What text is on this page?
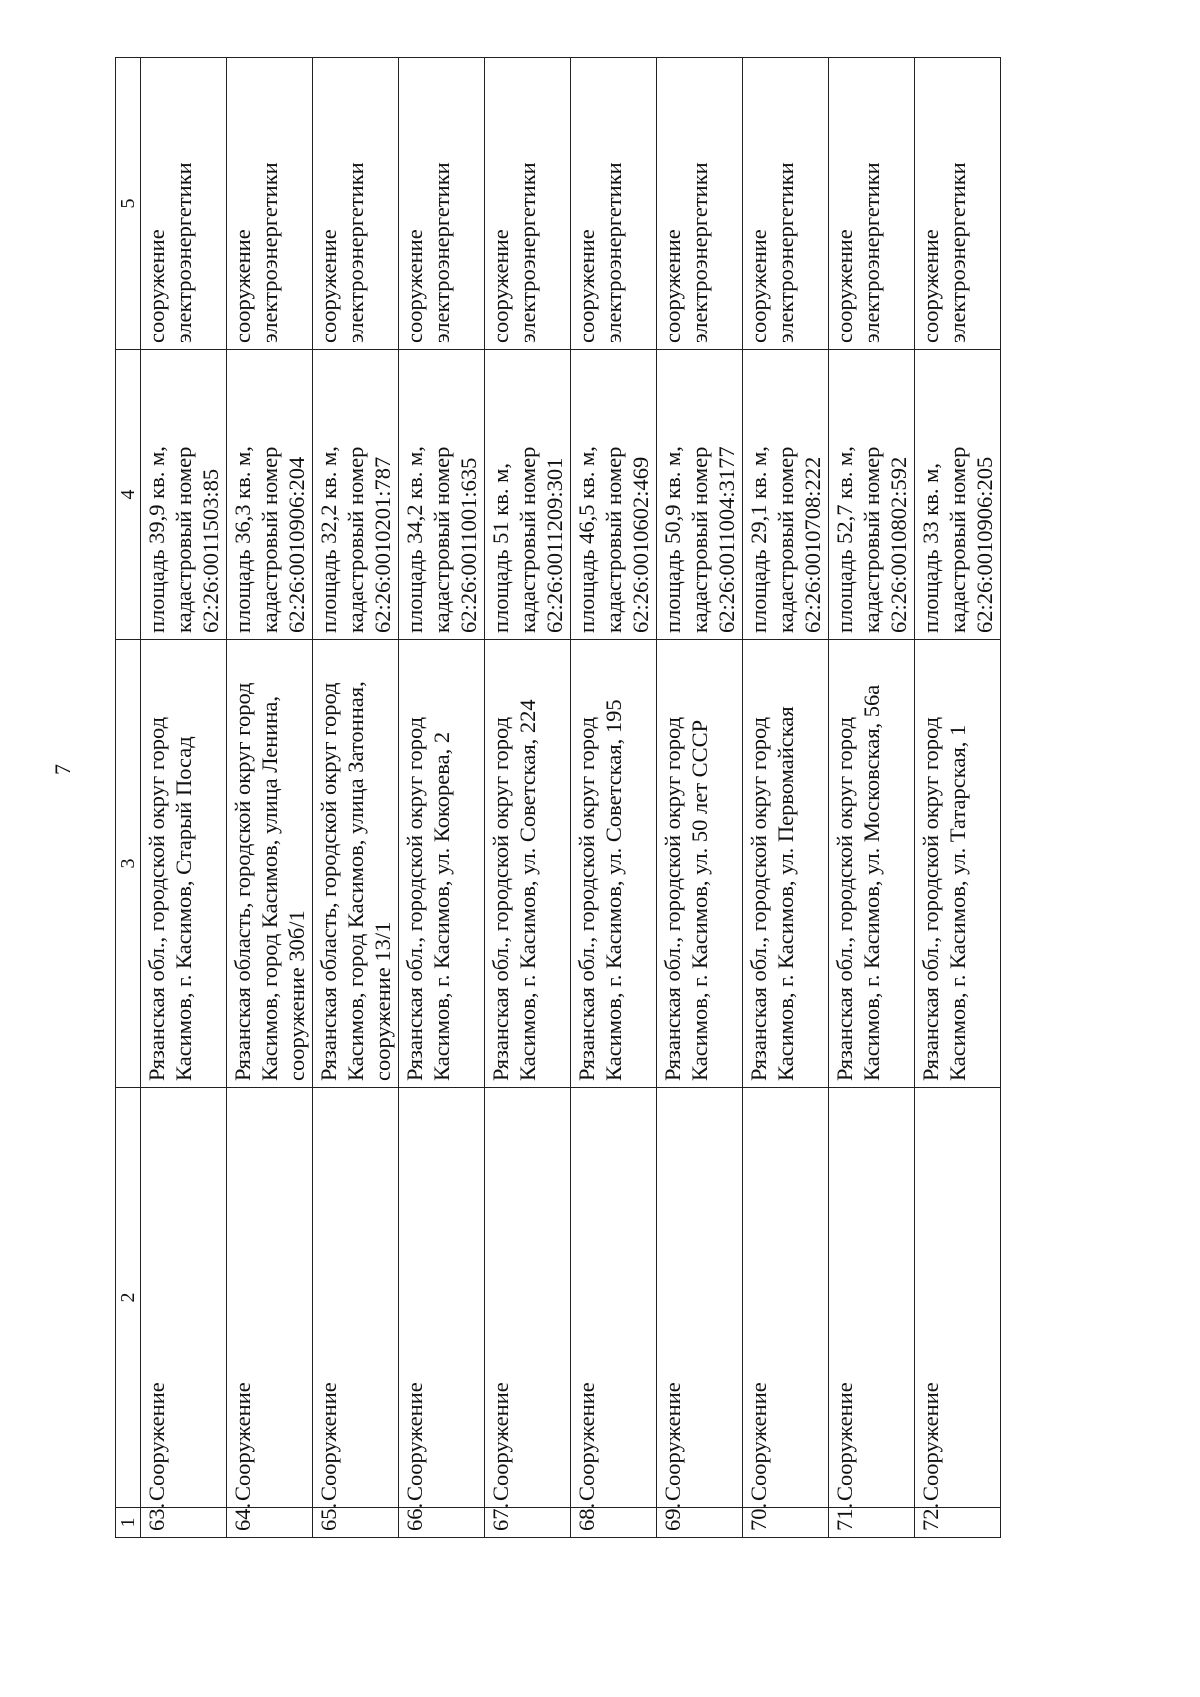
7
1	2	3	4	5

63.	Сооружение	Рязанская обл., городской округ город Касимов, г. Касимов, Старый Посад	площадь 39,9 кв. м, кадастровый номер 62:26:0011503:85	сооружение электроэнергетики

64.	Сооружение	Рязанская область, городской округ город Касимов, город Касимов, улица Ленина, сооружение 30б/1	площадь 36,3 кв. м, кадастровый номер 62:26:0010906:204	сооружение электроэнергетики

65.	Сооружение	Рязанская область, городской округ город Касимов, город Касимов, улица Затонная, сооружение 13/1	площадь 32,2 кв. м, кадастровый номер 62:26:0010201:787	сооружение электроэнергетики

66.	Сооружение	Рязанская обл., городской округ город Касимов, г. Касимов, ул. Кокорева, 2	площадь 34,2 кв. м, кадастровый номер 62:26:0011001:635	сооружение электроэнергетики

67.	Сооружение	Рязанская обл., городской округ город Касимов, г. Касимов, ул. Советская, 224	площадь 51 кв. м, кадастровый номер 62:26:0011209:301	сооружение электроэнергетики

68.	Сооружение	Рязанская обл., городской округ город Касимов, г. Касимов, ул. Советская, 195	площадь 46,5 кв. м, кадастровый номер 62:26:0010602:469	сооружение электроэнергетики

69.	Сооружение	Рязанская обл., городской округ город Касимов, г. Касимов, ул. 50 лет СССР	площадь 50,9 кв. м, кадастровый номер 62:26:0011004:3177	сооружение электроэнергетики

70.	Сооружение	Рязанская обл., городской округ город Касимов, г. Касимов, ул. Первомайская	площадь 29,1 кв. м, кадастровый номер 62:26:0010708:222	сооружение электроэнергетики

71.	Сооружение	Рязанская обл., городской округ город Касимов, г. Касимов, ул. Московская, 56а	площадь 52,7 кв. м, кадастровый номер 62:26:0010802:592	сооружение электроэнергетики

72.	Сооружение	Рязанская обл., городской округ город Касимов, г. Касимов, ул. Татарская, 1	площадь 33 кв. м, кадастровый номер 62:26:0010906:205	сооружение электроэнергетики
